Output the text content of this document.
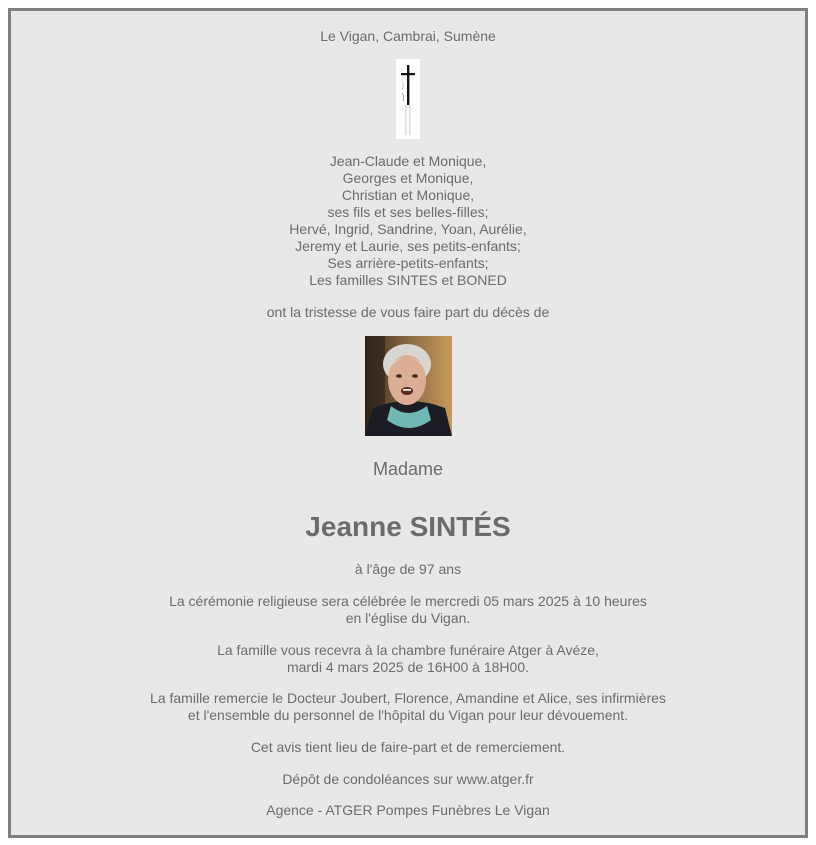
Le Vigan, Cambrai, Sumène
Jean-Claude et Monique,
Georges et Monique,
Christian et Monique,
ses fils et ses belles-filles;
Hervé, Ingrid, Sandrine, Yoan, Aurélie,
Jeremy et Laurie, ses petits-enfants;
Ses arrière-petits-enfants;
Les familles SINTES et BONED
ont la tristesse de vous faire part du décès de
Madame
Jeanne SINTÉS
à l'âge de 97 ans
La cérémonie religieuse sera célébrée le mercredi 05 mars 2025 à 10 heures
en l'église du Vigan.
La famille vous recevra à la chambre funéraire Atger à Avéze,
mardi 4 mars 2025 de 16H00 à 18H00.
La famille remercie le Docteur Joubert, Florence, Amandine et Alice, ses infirmières
et l'ensemble du personnel de l'hôpital du Vigan pour leur dévouement.
Cet avis tient lieu de faire-part et de remerciement.
Dépôt de condoléances sur www.atger.fr
Agence - ATGER Pompes Funèbres Le Vigan
